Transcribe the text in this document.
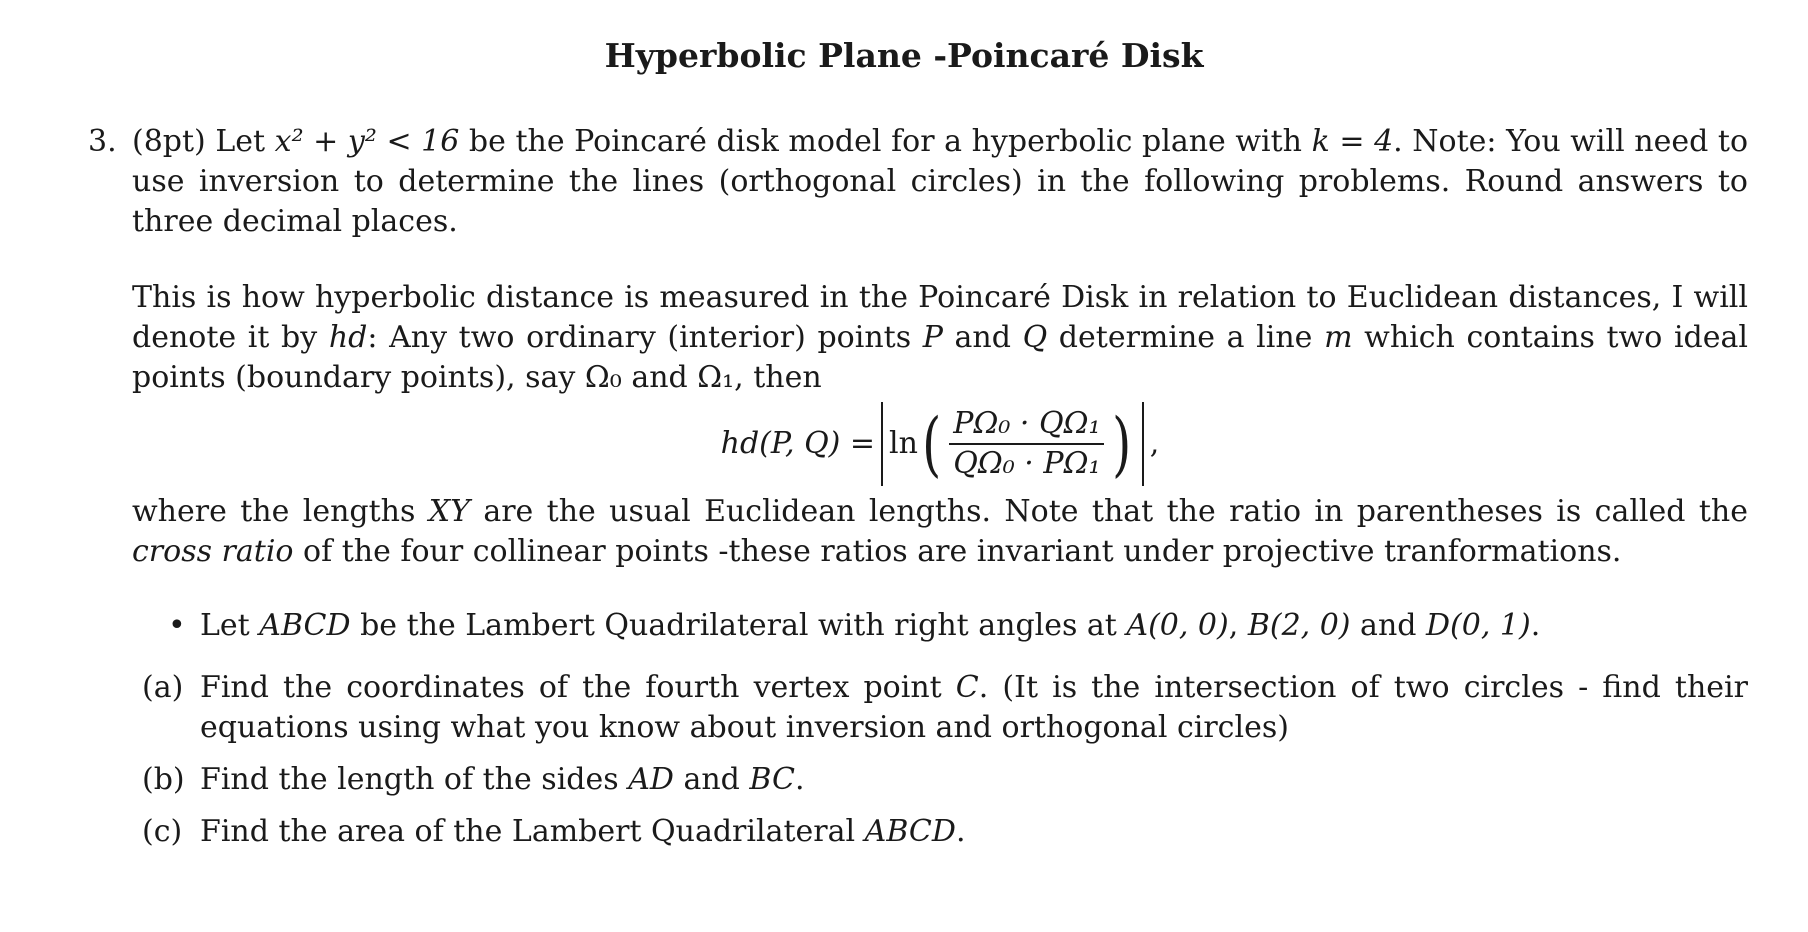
Hyperbolic Plane -Poincaré Disk
3. (8pt) Let x² + y² < 16 be the Poincaré disk model for a hyperbolic plane with k = 4. Note: You will need to use inversion to determine the lines (orthogonal circles) in the following problems. Round answers to three decimal places.

This is how hyperbolic distance is measured in the Poincaré Disk in relation to Euclidean distances, I will denote it by hd: Any two ordinary (interior) points P and Q determine a line m which contains two ideal points (boundary points), say Ω₀ and Ω₁, then

hd(P, Q) = ln ( $\frac{\text{PΩ₀ · QΩ₁}}{\text{QΩ₀ · PΩ₁}}$ ) ,

where the lengths XY are the usual Euclidean lengths. Note that the ratio in parentheses is called the cross ratio of the four collinear points -these ratios are invariant under projective tranformations.

• Let ABCD be the Lambert Quadrilateral with right angles at A(0, 0), B(2, 0) and D(0, 1).
(a) Find the coordinates of the fourth vertex point C. (It is the intersection of two circles - find their equations using what you know about inversion and orthogonal circles)
(b) Find the length of the sides AD and BC.
(c) Find the area of the Lambert Quadrilateral ABCD.
